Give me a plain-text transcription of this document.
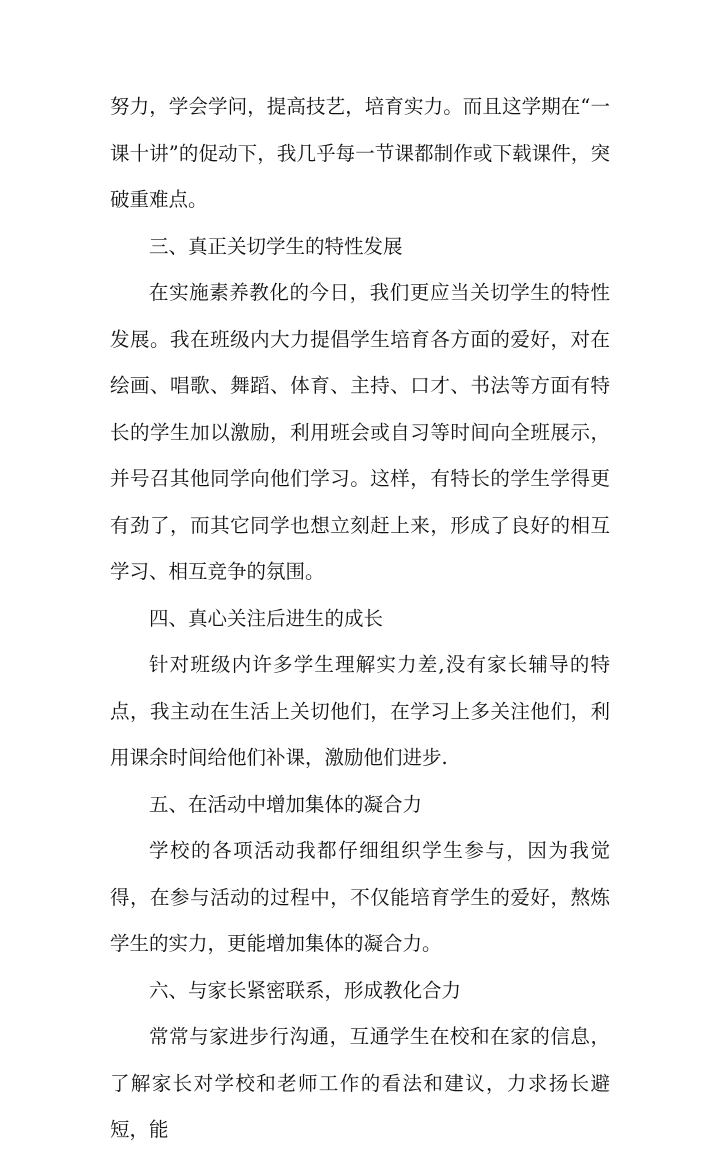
努力，学会学问，提高技艺，培育实力。而且这学期在“一课十讲”的促动下，我几乎每一节课都制作或下载课件，突破重难点。

三、真正关切学生的特性发展

在实施素养教化的今日，我们更应当关切学生的特性发展。我在班级内大力提倡学生培育各方面的爱好，对在绘画、唱歌、舞蹈、体育、主持、口才、书法等方面有特长的学生加以激励，利用班会或自习等时间向全班展示，并号召其他同学向他们学习。这样，有特长的学生学得更有劲了，而其它同学也想立刻赶上来，形成了良好的相互学习、相互竞争的氛围。

四、真心关注后进生的成长

针对班级内许多学生理解实力差,没有家长辅导的特点，我主动在生活上关切他们，在学习上多关注他们，利用课余时间给他们补课，激励他们进步.

五、在活动中增加集体的凝合力

学校的各项活动我都仔细组织学生参与，因为我觉得，在参与活动的过程中，不仅能培育学生的爱好，熬炼学生的实力，更能增加集体的凝合力。

六、与家长紧密联系，形成教化合力

常常与家进步行沟通，互通学生在校和在家的信息，了解家长对学校和老师工作的看法和建议，力求扬长避短，能
